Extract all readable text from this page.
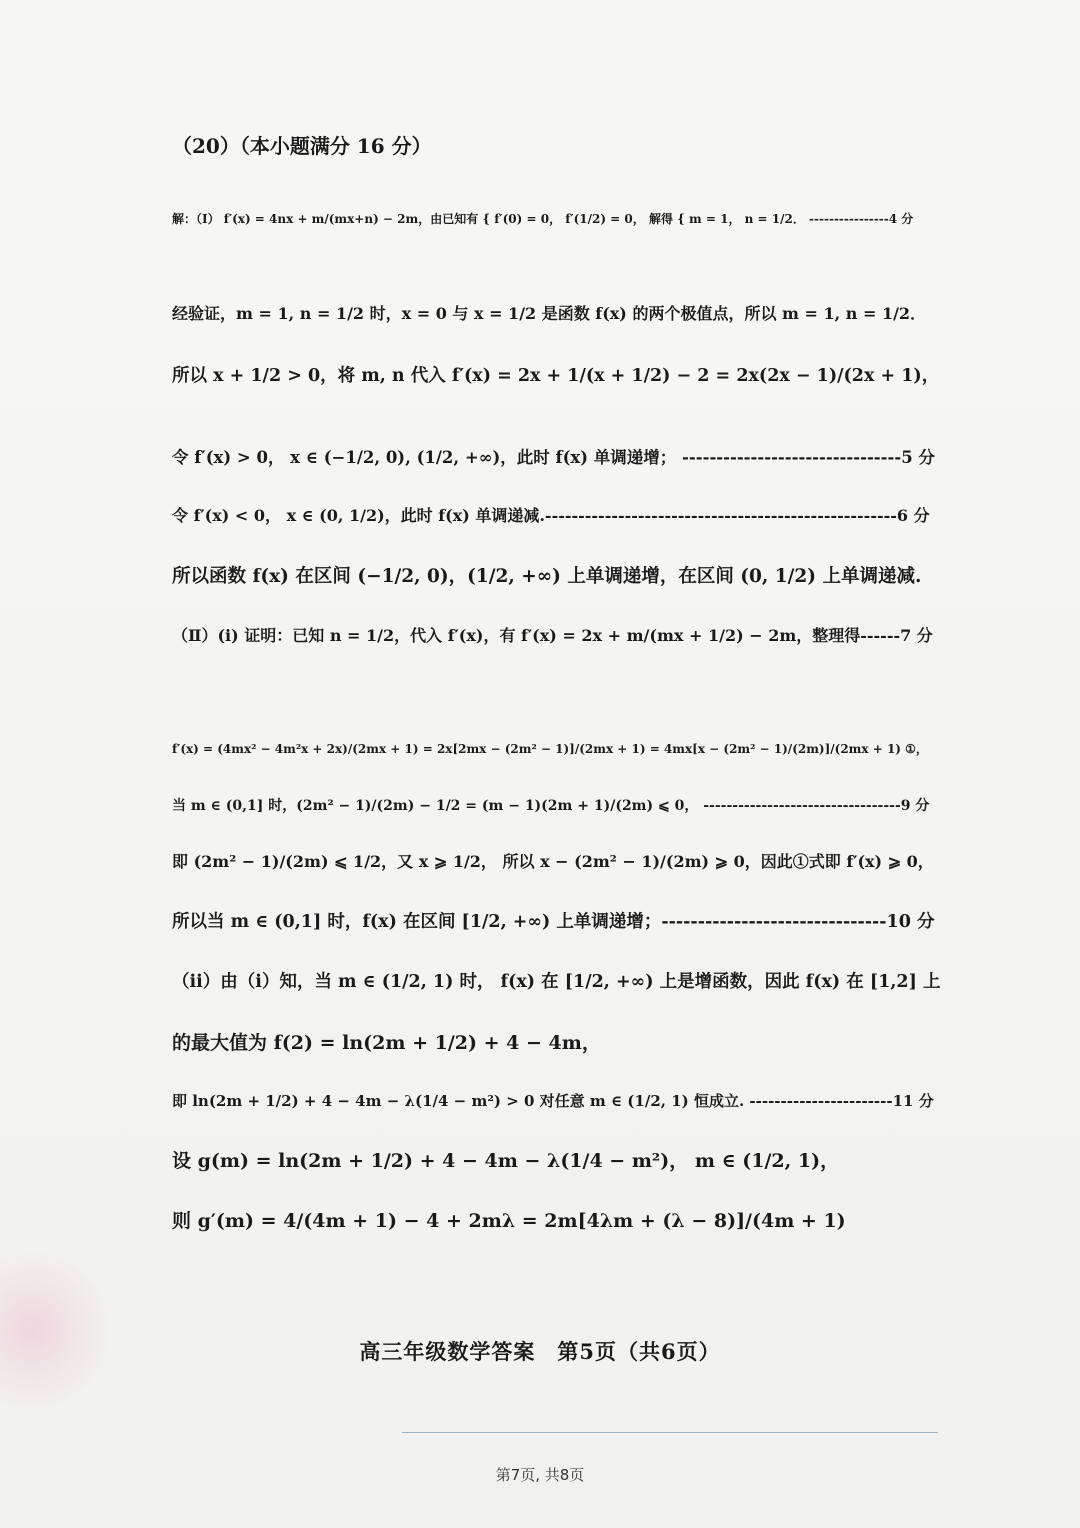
（20）（本小题满分 16 分）
解：（Ⅰ） f′(x) = 4nx + m/(mx+n) − 2m，由已知有 { f′(0) = 0， f′(1/2) = 0， 解得 { m = 1， n = 1/2． ----------------4 分
经验证，m = 1, n = 1/2 时，x = 0 与 x = 1/2 是函数 f(x) 的两个极值点，所以 m = 1, n = 1/2．
所以 x + 1/2 > 0，将 m, n 代入 f′(x) = 2x + 1/(x + 1/2) − 2 = 2x(2x − 1)/(2x + 1)，
令 f′(x) > 0， x ∈ (−1/2, 0), (1/2, +∞)，此时 f(x) 单调递增； --------------------------------5 分
令 f′(x) < 0， x ∈ (0, 1/2)，此时 f(x) 单调递减.-----------------------------------------------------6 分
所以函数 f(x) 在区间 (−1/2, 0)，(1/2, +∞) 上单调递增，在区间 (0, 1/2) 上单调递减.
（Ⅱ）(i) 证明：已知 n = 1/2，代入 f′(x)，有 f′(x) = 2x + m/(mx + 1/2) − 2m，整理得------7 分
f′(x) = (4mx² − 4m²x + 2x)/(2mx + 1) = 2x[2mx − (2m² − 1)]/(2mx + 1) = 4mx[x − (2m² − 1)/(2m)]/(2mx + 1) ①，
当 m ∈ (0,1] 时，(2m² − 1)/(2m) − 1/2 = (m − 1)(2m + 1)/(2m) ⩽ 0， ----------------------------------9 分
即 (2m² − 1)/(2m) ⩽ 1/2，又 x ⩾ 1/2， 所以 x − (2m² − 1)/(2m) ⩾ 0，因此①式即 f′(x) ⩾ 0，
所以当 m ∈ (0,1] 时，f(x) 在区间 [1/2, +∞) 上单调递增；-------------------------------10 分
（ii）由（i）知，当 m ∈ (1/2, 1) 时， f(x) 在 [1/2, +∞) 上是增函数，因此 f(x) 在 [1,2] 上
的最大值为 f(2) = ln(2m + 1/2) + 4 − 4m，
即 ln(2m + 1/2) + 4 − 4m − λ(1/4 − m²) > 0 对任意 m ∈ (1/2, 1) 恒成立. -----------------------11 分
设 g(m) = ln(2m + 1/2) + 4 − 4m − λ(1/4 − m²)， m ∈ (1/2, 1)，
则 g′(m) = 4/(4m + 1) − 4 + 2mλ = 2m[4λm + (λ − 8)]/(4m + 1)
高三年级数学答案　第5页（共6页）
第7页, 共8页
